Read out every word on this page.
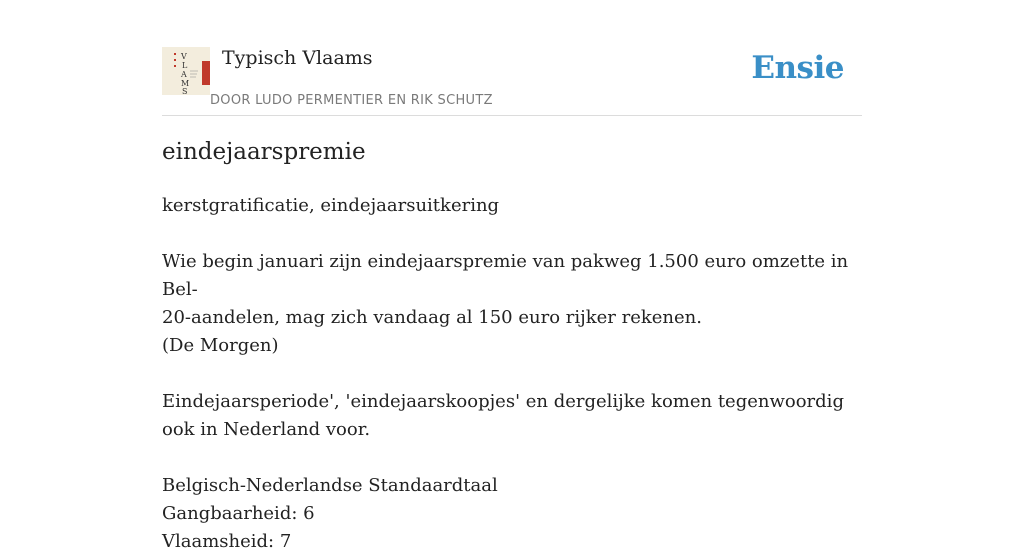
V
L
A
M
S
Typisch Vlaams
DOOR LUDO PERMENTIER EN RIK SCHUTZ
Ensie
eindejaarspremie

kerstgratificatie, eindejaarsuitkering

Wie begin januari zijn eindejaarspremie van pakweg 1.500 euro omzette in Bel-

20-aandelen, mag zich vandaag al 150 euro rijker rekenen.

(De Morgen)

Eindejaarsperiode', 'eindejaarskoopjes' en dergelijke komen tegenwoordig ook in Nederland voor.

Belgisch-Nederlandse Standaardtaal

Gangbaarheid: 6

Vlaamsheid: 7
